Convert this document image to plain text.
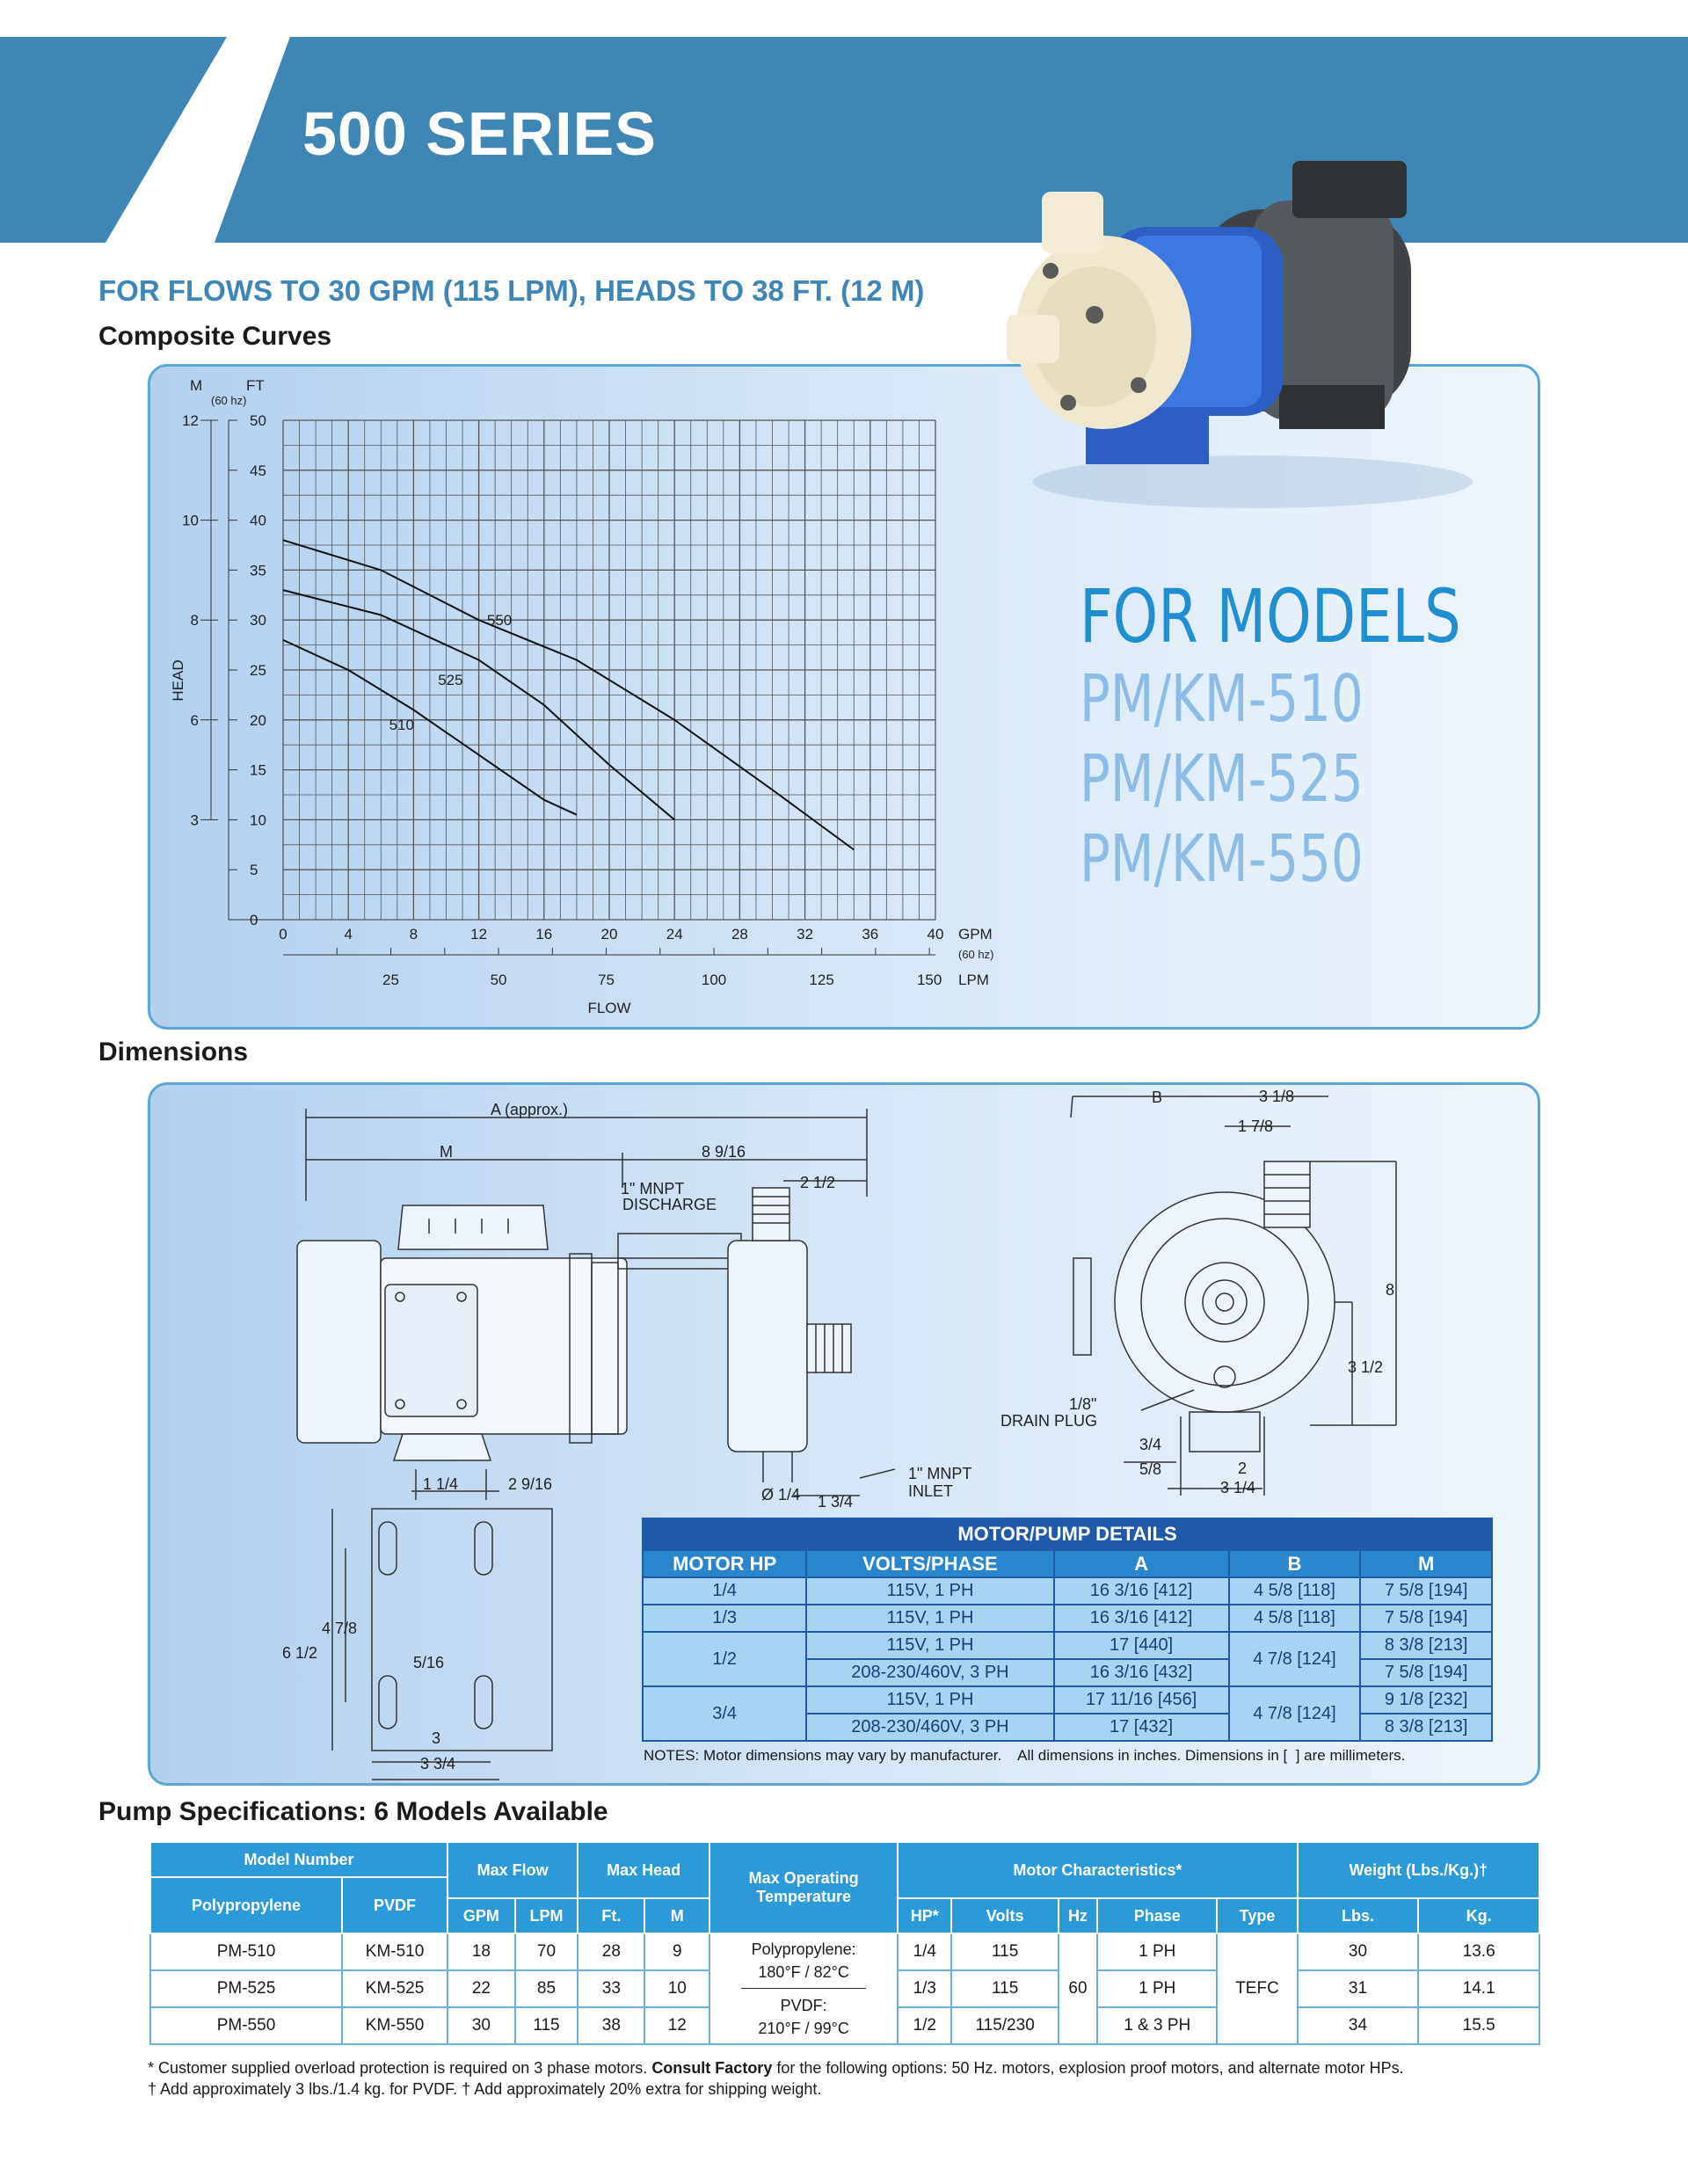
500 SERIES
FOR FLOWS TO 30 GPM (115 LPM), HEADS TO 38 FT. (12 M)
Composite Curves
0
5
10
15
20
25
30
35
40
45
50
3
6
8
10
12
M	FT
(60 hz)
HEAD
0	4	8	12	16	20	24	28	32	36	40 GPM
(60 hz)
25	50	75	100	125	150 LPM
FLOW
510
525
550	FOR MODELS
PM/KM-510
PM/KM-525
PM/KM-550
Dimensions
A (approx.)
M	8 9/16
2 1/2
1" MNPT
DISCHARGE
1" MNPT
INLET
1 1/4	2 9/16
Ø 1/4 1 3/4
B	3 1/8
1 7/8
8
3 1/2
1/8"
DRAIN PLUG
3/4
5/8	2
3 1/4
4 7/8
6 1/2
5/16
3
3 3/4
MOTOR/PUMP DETAILS				
MOTOR HP	VOLTS/PHASE	A	B	M
1/4	115V, 1 PH	16 3/16 [412]	4 5/8 [118]	7 5/8 [194]
1/3	115V, 1 PH	16 3/16 [412]	4 5/8 [118]	7 5/8 [194]
1/2	115V, 1 PH	17 [440]	4 7/8 [124]	8 3/8 [213]
	208-230/460V, 3 PH	16 3/16 [432]		7 5/8 [194]
3/4	115V, 1 PH	17 11/16 [456]	4 7/8 [124]	9 1/8 [232]
	208-230/460V, 3 PH	17 [432]		8 3/8 [213]
NOTES: Motor dimensions may vary by manufacturer.    All dimensions in inches. Dimensions in [  ] are millimeters.
Pump Specifications: 6 Models Available
Model Number		Max Flow		Max Head		Max Operating Temperature	Motor Characteristics*					Weight (Lbs./Kg.)†	
Polypropylene	PVDF												
		GPM	LPM	Ft.	M		HP*	Volts	Hz	Phase	Type	Lbs.	Kg.
PM-510	KM-510	18	70	28	9	Polypropylene:
180°F / 82°C
PVDF:
210°F / 99°C	1/4	115	60	1 PH	TEFC	30	13.6
PM-525	KM-525	22	85	33	10		1/3	115		1 PH		31	14.1
PM-550	KM-550	30	115	38	12		1/2	115/230		1 & 3 PH		34	15.5
* Customer supplied overload protection is required on 3 phase motors. Consult Factory for the following options: 50 Hz. motors, explosion proof motors, and alternate motor HPs.
† Add approximately 3 lbs./1.4 kg. for PVDF. † Add approximately 20% extra for shipping weight.
